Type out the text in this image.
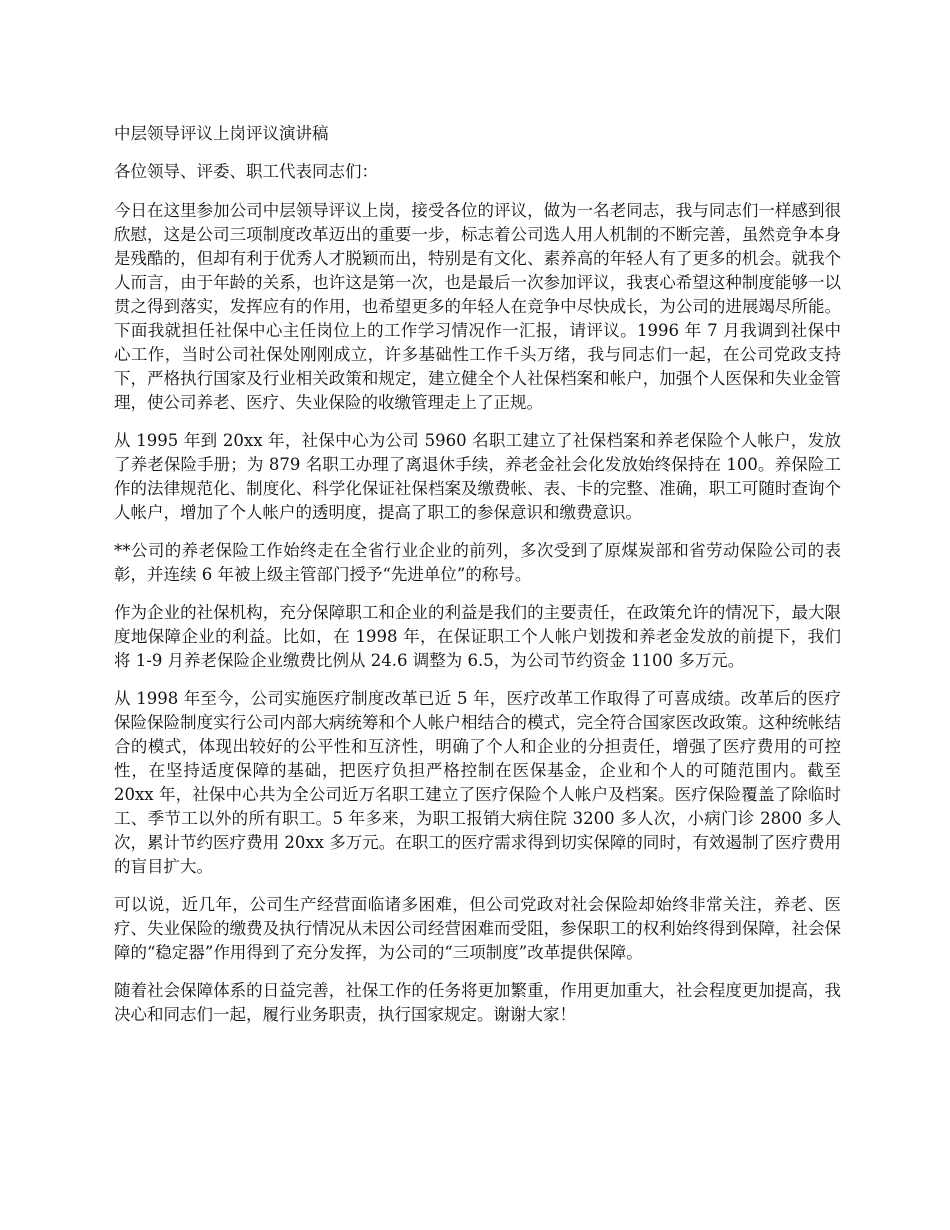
中层领导评议上岗评议演讲稿
各位领导、评委、职工代表同志们：
今日在这里参加公司中层领导评议上岗，接受各位的评议，做为一名老同志，我与同志们一样感到很欣慰，这是公司三项制度改革迈出的重要一步，标志着公司选人用人机制的不断完善，虽然竞争本身是残酷的，但却有利于优秀人才脱颖而出，特别是有文化、素养高的年轻人有了更多的机会。就我个人而言，由于年龄的关系，也许这是第一次，也是最后一次参加评议，我衷心希望这种制度能够一以贯之得到落实，发挥应有的作用，也希望更多的年轻人在竞争中尽快成长，为公司的进展竭尽所能。下面我就担任社保中心主任岗位上的工作学习情况作一汇报，请评议。1996 年 7 月我调到社保中心工作，当时公司社保处刚刚成立，许多基础性工作千头万绪，我与同志们一起，在公司党政支持下，严格执行国家及行业相关政策和规定，建立健全个人社保档案和帐户，加强个人医保和失业金管理，使公司养老、医疗、失业保险的收缴管理走上了正规。
从 1995 年到 20xx 年，社保中心为公司 5960 名职工建立了社保档案和养老保险个人帐户，发放了养老保险手册；为 879 名职工办理了离退休手续，养老金社会化发放始终保持在 100。养保险工作的法律规范化、制度化、科学化保证社保档案及缴费帐、表、卡的完整、准确，职工可随时查询个人帐户，增加了个人帐户的透明度，提高了职工的参保意识和缴费意识。
**公司的养老保险工作始终走在全省行业企业的前列，多次受到了原煤炭部和省劳动保险公司的表彰，并连续 6 年被上级主管部门授予“先进单位”的称号。
作为企业的社保机构，充分保障职工和企业的利益是我们的主要责任，在政策允许的情况下，最大限度地保障企业的利益。比如，在 1998 年，在保证职工个人帐户划拨和养老金发放的前提下，我们将 1-9 月养老保险企业缴费比例从 24.6 调整为 6.5，为公司节约资金 1100 多万元。
从 1998 年至今，公司实施医疗制度改革已近 5 年，医疗改革工作取得了可喜成绩。改革后的医疗保险保险制度实行公司内部大病统筹和个人帐户相结合的模式，完全符合国家医改政策。这种统帐结合的模式，体现出较好的公平性和互济性，明确了个人和企业的分担责任，增强了医疗费用的可控性，在坚持适度保障的基础，把医疗负担严格控制在医保基金，企业和个人的可随范围内。截至 20xx 年，社保中心共为全公司近万名职工建立了医疗保险个人帐户及档案。医疗保险覆盖了除临时工、季节工以外的所有职工。5 年多来，为职工报销大病住院 3200 多人次，小病门诊 2800 多人次，累计节约医疗费用 20xx 多万元。在职工的医疗需求得到切实保障的同时，有效遏制了医疗费用的盲目扩大。
可以说，近几年，公司生产经营面临诸多困难，但公司党政对社会保险却始终非常关注，养老、医疗、失业保险的缴费及执行情况从未因公司经营困难而受阻，参保职工的权利始终得到保障，社会保障的“稳定器”作用得到了充分发挥，为公司的“三项制度”改革提供保障。
随着社会保障体系的日益完善，社保工作的任务将更加繁重，作用更加重大，社会程度更加提高，我决心和同志们一起，履行业务职责，执行国家规定。谢谢大家！
